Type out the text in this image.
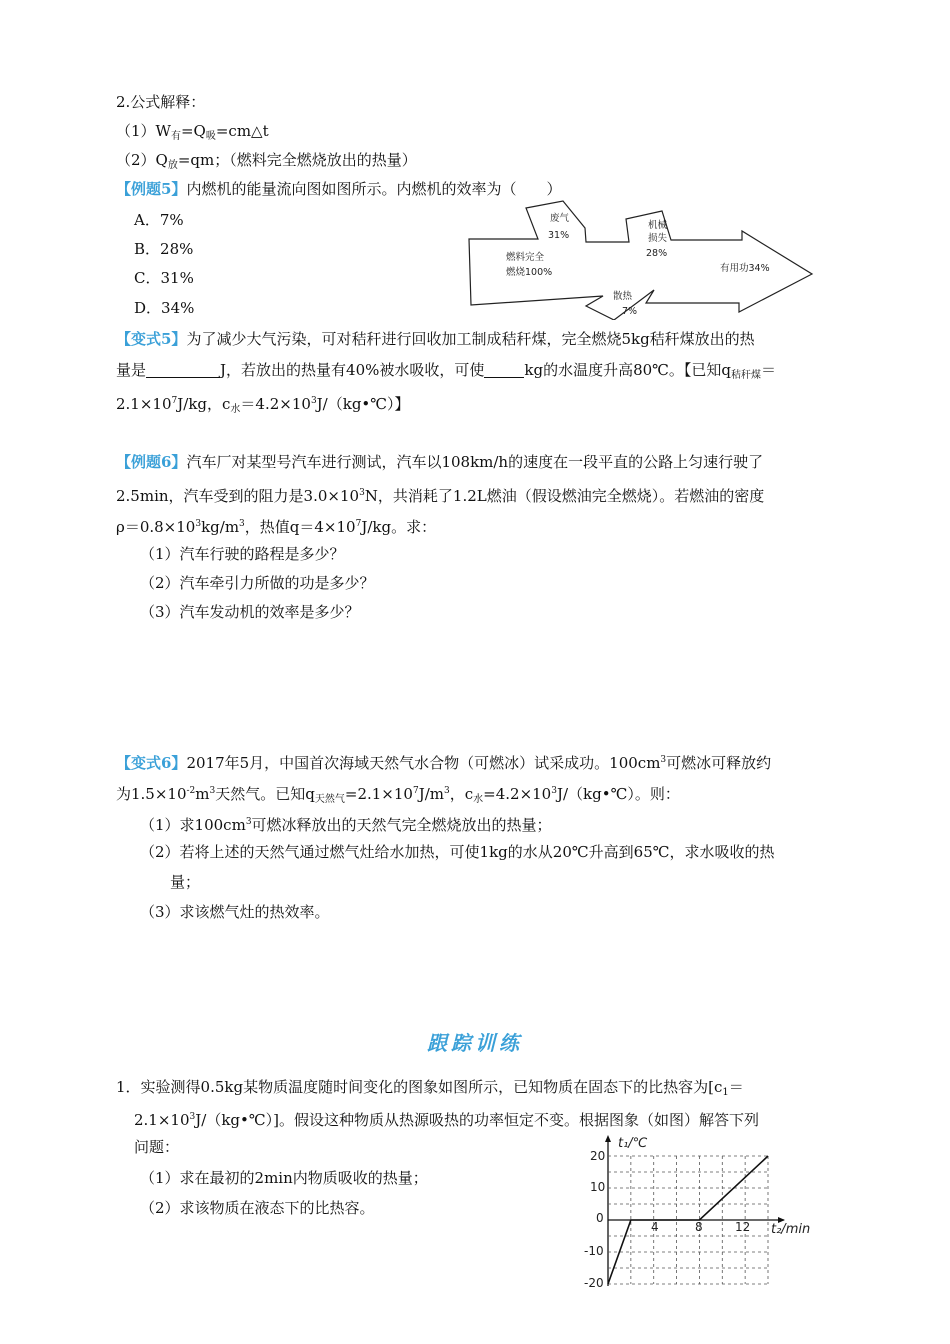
2.公式解释：
$(1)W_有=Q_吸=cm\triangle t$
$(2)Q_放=qm$；（燃料完全燃烧放出的热量）
【例题5】内燃机的能量流向图如图所示。内燃机的效率为（　　）
A．7%
B．28%
C．31%
D．34%
燃料完全
燃烧100%
废气
31%
机械
损失
28%
有用功34%
散热
7%
【变式5】为了减少大气污染，可对秸秆进行回收加工制成秸秆煤，完全燃烧5kg秸秆煤放出的热
量是	J，若放出的热量有40%被水吸收，可使	kg的水温度升高80℃。【已知$q_{秸秆煤}=$
$2.1\times 10^7J/kg$，$c_水=4.2\times 10^3J/(kg•℃)$】
【例题6】汽车厂对某型号汽车进行测试，汽车以108km/h的速度在一段平直的公路上匀速行驶了
2.5min，汽车受到的阻力是$3.0\times 10^3N$，共消耗了1.2L燃油（假设燃油完全燃烧）。若燃油的密度
$\rho=0.8\times 10^3kg/m^3$，热值$q=4\times 10^7J/kg$。求：
（1）汽车行驶的路程是多少？
（2）汽车牵引力所做的功是多少？
（3）汽车发动机的效率是多少？
【变式6】2017年5月，中国首次海域天然气水合物（可燃冰）试采成功。$100cm^3$可燃冰可释放约
为$1.5\times 10^{-2}m^3$天然气。已知$q_{天然气}=2.1\times 10^7J/m^3$，$c_水=4.2\times 10^3J/(kg•℃)$。则：
（1）求$100cm^3$可燃冰释放出的天然气完全燃烧放出的热量；
（2）若将上述的天然气通过燃气灶给水加热，可使1kg的水从20℃升高到65℃，求水吸收的热
量；
（3）求该燃气灶的热效率。
跟踪训练
1．实验测得0.5kg某物质温度随时间变化的图象如图所示，已知物质在固态下的比热容为[$c_1=$
$2.1\times 10^3J/(kg•℃)$]。假设这种物质从热源吸热的功率恒定不变。根据图象（如图）解答下列
问题：
（1）求在最初的2min内物质吸收的热量；
（2）求该物质在液态下的比热容。
t₁/℃
t₂/min
20
10
0
-10
-20
4	8	12
